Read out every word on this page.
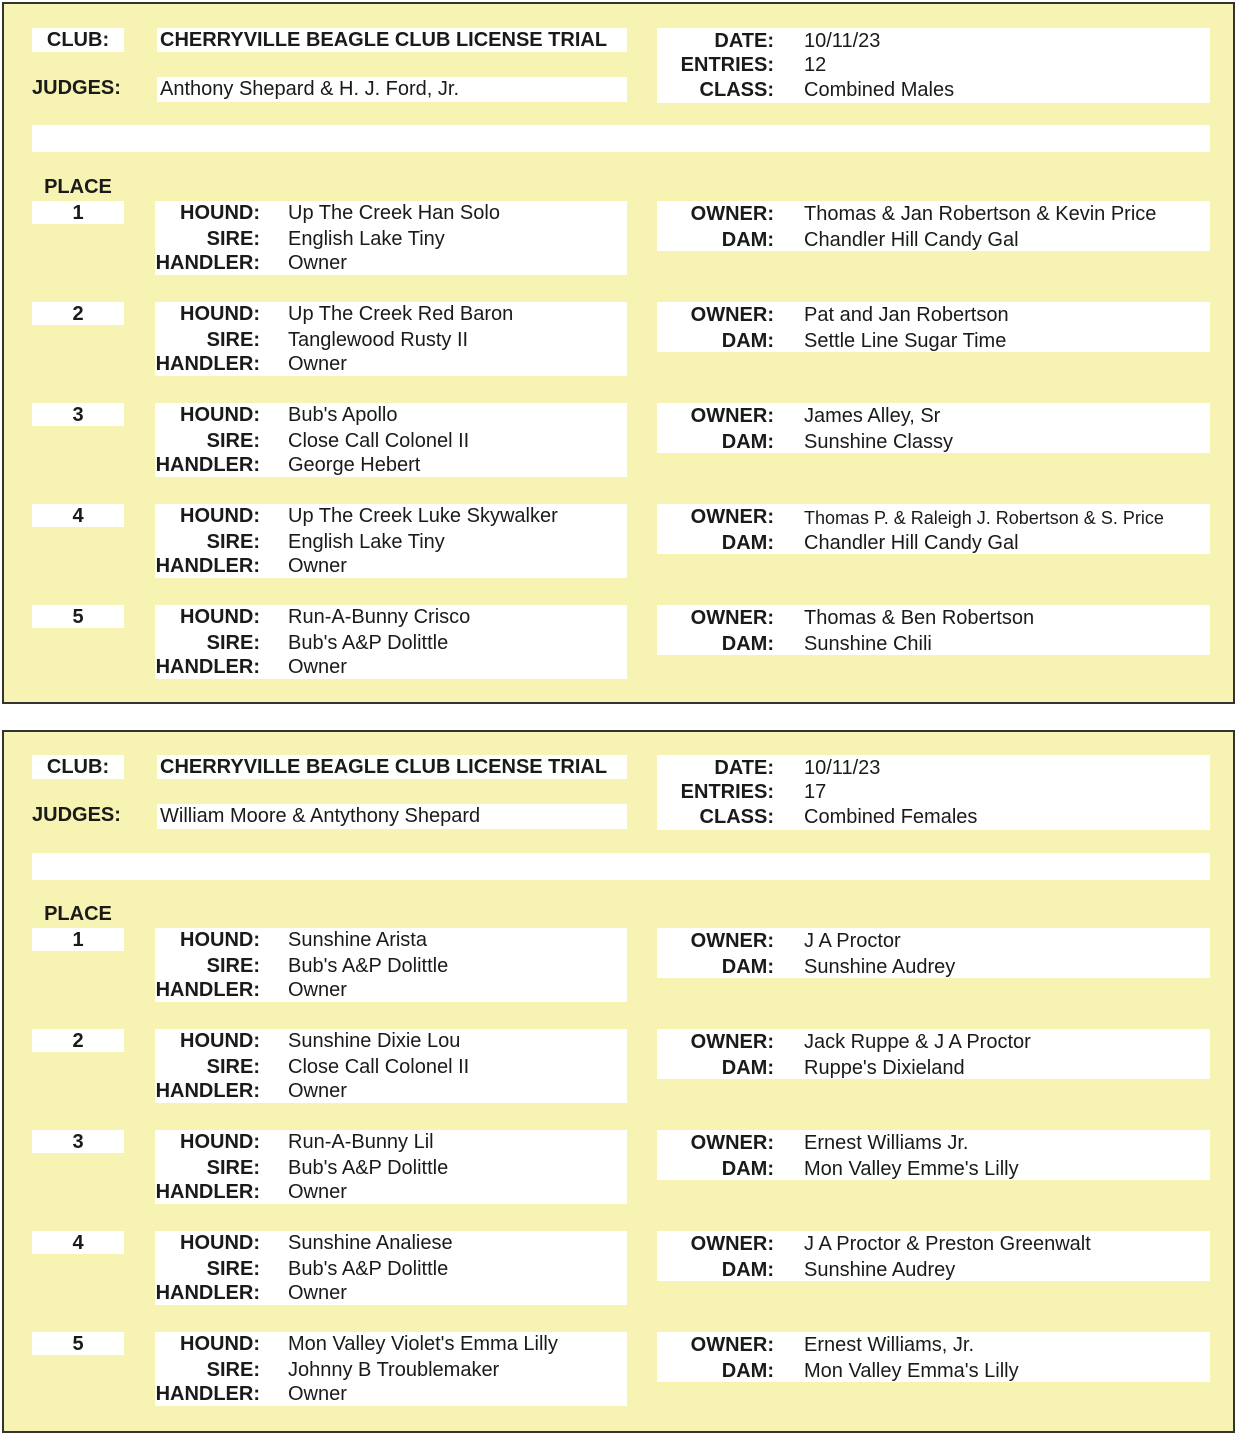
CLUB:	CHERRYVILLE BEAGLE CLUB LICENSE TRIAL
JUDGES: Anthony Shepard & H. J. Ford, Jr.
DATE: 10/11/23
ENTRIES: 12
CLASS: Combined Males
PLACE
1	HOUND: Up The Creek Han Solo
SIRE: English Lake Tiny
HANDLER: Owner
OWNER: Thomas & Jan Robertson & Kevin Price
DAM: Chandler Hill Candy Gal
2	HOUND: Up The Creek Red Baron
SIRE: Tanglewood Rusty II
HANDLER: Owner
OWNER: Pat and Jan Robertson
DAM: Settle Line Sugar Time
3	HOUND: Bub's Apollo
SIRE: Close Call Colonel II
HANDLER: George Hebert
OWNER: James Alley, Sr
DAM: Sunshine Classy
4	HOUND: Up The Creek Luke Skywalker
SIRE: English Lake Tiny
HANDLER: Owner
OWNER: Thomas P. & Raleigh J. Robertson & S. Price
DAM: Chandler Hill Candy Gal
5	HOUND: Run-A-Bunny Crisco
SIRE: Bub's A&P Dolittle
HANDLER: Owner
OWNER: Thomas & Ben Robertson
DAM: Sunshine Chili
CLUB:	CHERRYVILLE BEAGLE CLUB LICENSE TRIAL
JUDGES: William Moore & Antythony Shepard
DATE: 10/11/23
ENTRIES: 17
CLASS: Combined Females
PLACE
1	HOUND: Sunshine Arista
SIRE: Bub's A&P Dolittle
HANDLER: Owner
OWNER: J A Proctor
DAM: Sunshine Audrey
2	HOUND: Sunshine Dixie Lou
SIRE: Close Call Colonel II
HANDLER: Owner
OWNER: Jack Ruppe & J A Proctor
DAM: Ruppe's Dixieland
3	HOUND: Run-A-Bunny Lil
SIRE: Bub's A&P Dolittle
HANDLER: Owner
OWNER: Ernest Williams Jr.
DAM: Mon Valley Emme's Lilly
4	HOUND: Sunshine Analiese
SIRE: Bub's A&P Dolittle
HANDLER: Owner
OWNER: J A Proctor & Preston Greenwalt
DAM: Sunshine Audrey
5	HOUND: Mon Valley Violet's Emma Lilly
SIRE: Johnny B Troublemaker
HANDLER: Owner
OWNER: Ernest Williams, Jr.
DAM: Mon Valley Emma's Lilly
